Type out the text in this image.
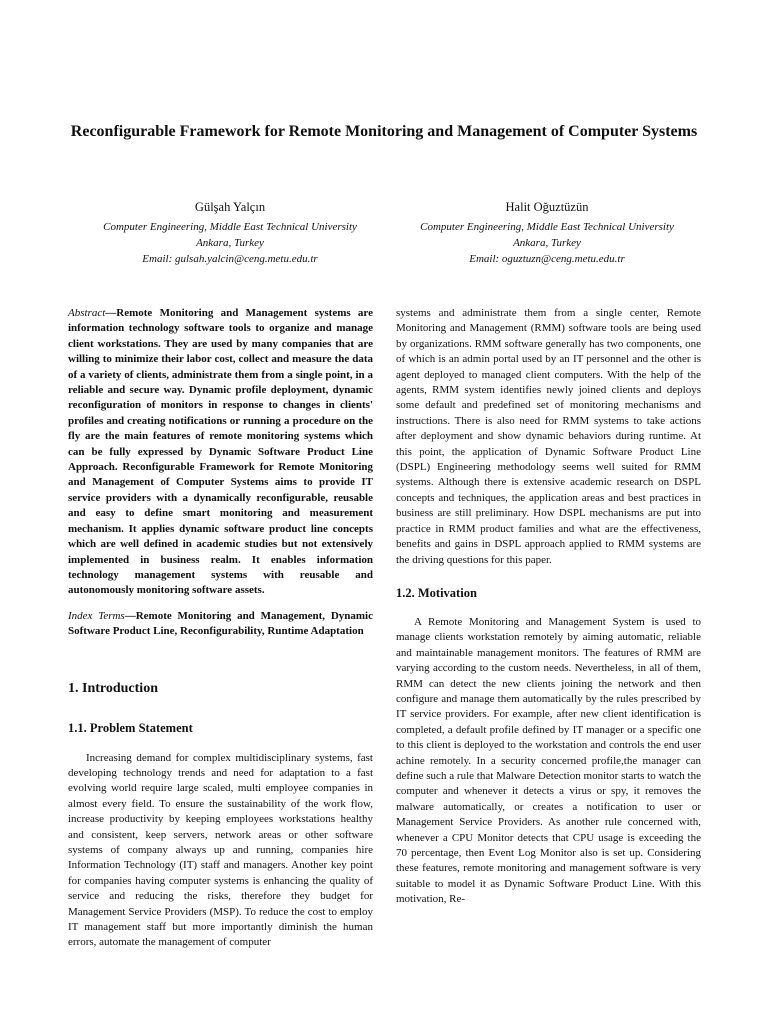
Reconfigurable Framework for Remote Monitoring and Management of Computer Systems
Gülşah Yalçın
Computer Engineering, Middle East Technical University
Ankara, Turkey
Email: gulsah.yalcin@ceng.metu.edu.tr
Halit Oğuztüzün
Computer Engineering, Middle East Technical University
Ankara, Turkey
Email: oguztuzn@ceng.metu.edu.tr

Abstract—Remote Monitoring and Management systems are information technology software tools to organize and manage client workstations. They are used by many companies that are willing to minimize their labor cost, collect and measure the data of a variety of clients, administrate them from a single point, in a reliable and secure way. Dynamic profile deployment, dynamic reconfiguration of monitors in response to changes in clients' profiles and creating notifications or running a procedure on the fly are the main features of remote monitoring systems which can be fully expressed by Dynamic Software Product Line Approach. Reconfigurable Framework for Remote Monitoring and Management of Computer Systems aims to provide IT service providers with a dynamically reconfigurable, reusable and easy to define smart monitoring and measurement mechanism. It applies dynamic software product line concepts which are well defined in academic studies but not extensively implemented in business realm. It enables information technology management systems with reusable and autonomously monitoring software assets.

Index Terms—Remote Monitoring and Management, Dynamic Software Product Line, Reconfigurability, Runtime Adaptation

1. Introduction
1.1. Problem Statement

Increasing demand for complex multidisciplinary systems, fast developing technology trends and need for adaptation to a fast evolving world require large scaled, multi employee companies in almost every field. To ensure the sustainability of the work flow, increase productivity by keeping employees workstations healthy and consistent, keep servers, network areas or other software systems of company always up and running, companies hire Information Technology (IT) staff and managers. Another key point for companies having computer systems is enhancing the quality of service and reducing the risks, therefore they budget for Management Service Providers (MSP). To reduce the cost to employ IT management staff but more importantly diminish the human errors, automate the management of computer

systems and administrate them from a single center, Remote Monitoring and Management (RMM) software tools are being used by organizations. RMM software generally has two components, one of which is an admin portal used by an IT personnel and the other is agent deployed to managed client computers. With the help of the agents, RMM system identifies newly joined clients and deploys some default and predefined set of monitoring mechanisms and instructions. There is also need for RMM systems to take actions after deployment and show dynamic behaviors during runtime. At this point, the application of Dynamic Software Product Line (DSPL) Engineering methodology seems well suited for RMM systems. Although there is extensive academic research on DSPL concepts and techniques, the application areas and best practices in business are still preliminary. How DSPL mechanisms are put into practice in RMM product families and what are the effectiveness, benefits and gains in DSPL approach applied to RMM systems are the driving questions for this paper.

1.2. Motivation

A Remote Monitoring and Management System is used to manage clients workstation remotely by aiming automatic, reliable and maintainable management monitors. The features of RMM are varying according to the custom needs. Nevertheless, in all of them, RMM can detect the new clients joining the network and then configure and manage them automatically by the rules prescribed by IT service providers. For example, after new client identification is completed, a default profile defined by IT manager or a specific one to this client is deployed to the workstation and controls the end user achine remotely. In a security concerned profile,the manager can define such a rule that Malware Detection monitor starts to watch the computer and whenever it detects a virus or spy, it removes the malware automatically, or creates a notification to user or Management Service Providers. As another rule concerned with, whenever a CPU Monitor detects that CPU usage is exceeding the 70 percentage, then Event Log Monitor also is set up. Considering these features, remote monitoring and management software is very suitable to model it as Dynamic Software Product Line. With this motivation, Re-
